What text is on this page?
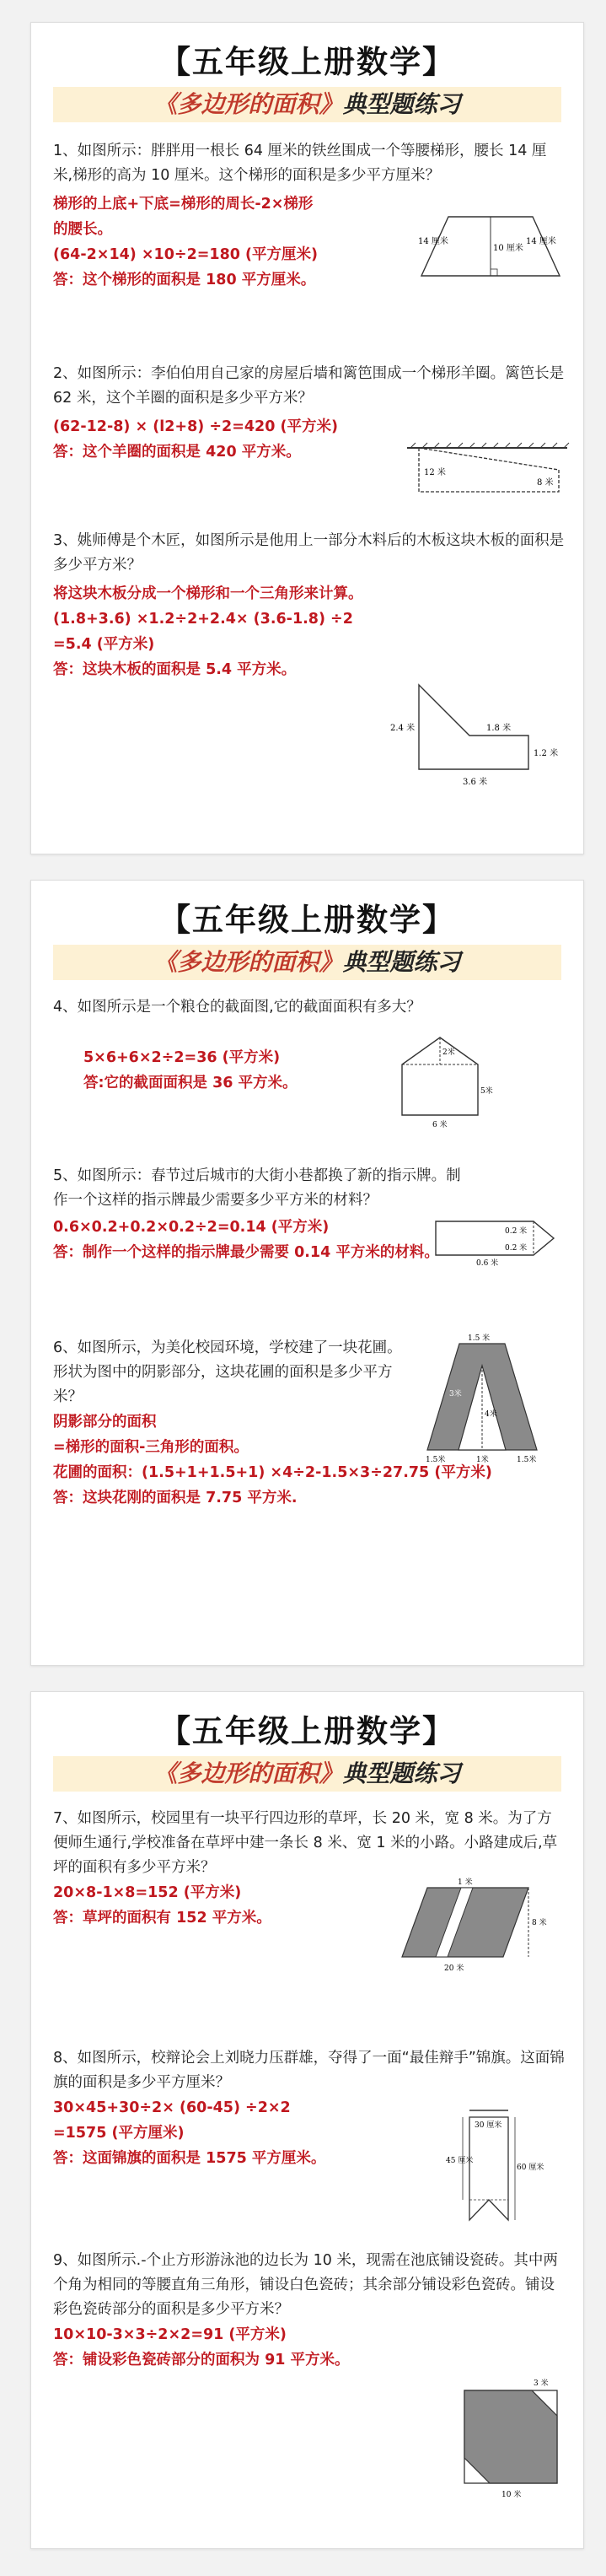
【五年级上册数学】
《多边形的面积》典型题练习

1、如图所示：胖胖用一根长 64 厘米的铁丝围成一个等腰梯形，腰长 14 厘米,梯形的高为 10 厘米。这个梯形的面积是多少平方厘米？

梯形的上底+下底=梯形的周长-2×梯形

的腰长。

(64-2×14) ×10÷2=180 (平方厘米)

答：这个梯形的面积是 180 平方厘米。

14 厘米
10 厘米
14 厘米

2、如图所示：李伯伯用自己家的房屋后墙和篱笆围成一个梯形羊圈。篱笆长是 62 米，这个羊圈的面积是多少平方米？

(62-12-8) × (l2+8) ÷2=420 (平方米)

答：这个羊圈的面积是 420 平方米。

12 米
8 米

3、姚师傅是个木匠，如图所示是他用上一部分木料后的木板这块木板的面积是多少平方米？

将这块木板分成一个梯形和一个三角形来计算。

(1.8+3.6) ×1.2÷2+2.4× (3.6-1.8) ÷2

=5.4 (平方米)

答：这块木板的面积是 5.4 平方米。

2.4 米	1.8 米
1.2 米
3.6 米
【五年级上册数学】
《多边形的面积》典型题练习

4、如图所示是一个粮仓的截面图,它的截面面积有多大？

5×6+6×2÷2=36 (平方米)

答:它的截面面积是 36 平方米。

2米
5米
6 米

5、如图所示：春节过后城市的大街小巷都换了新的指示牌。制作一个这样的指示牌最少需要多少平方米的材料？

0.6×0.2+0.2×0.2÷2=0.14 (平方米)

答：制作一个这样的指示牌最少需要 0.14 平方米的材料。

0.2 米
0.2 米
0.6 米

6、如图所示，为美化校园环境，学校建了一块花圃。形状为图中的阴影部分，这块花圃的面积是多少平方米？

阴影部分的面积

=梯形的面积-三角形的面积。

花圃的面积：(1.5+1+1.5+1) ×4÷2-1.5×3÷27.75 (平方米)

答：这块花刚的面积是 7.75 平方米.

1.5 米
3米
4米
1.5米	1米	1.5米
【五年级上册数学】
《多边形的面积》典型题练习

7、如图所示，校园里有一块平行四边形的草坪，长 20 米，宽 8 米。为了方便师生通行,学校准备在草坪中建一条长 8 米、宽 1 米的小路。小路建成后,草坪的面积有多少平方米？

20×8-1×8=152 (平方米)

答：草坪的面积有 152 平方米。

1 米
8 米
20 米

8、如图所示，校辩论会上刘晓力压群雄，夺得了一面“最佳辩手”锦旗。这面锦旗的面积是多少平方厘米？

30×45+30÷2× (60-45) ÷2×2

=1575 (平方厘米)

答：这面锦旗的面积是 1575 平方厘米。

30 厘米
45 厘米
60 厘米

9、如图所示.-个止方形游泳池的边长为 10 米，现需在池底铺设瓷砖。其中两个角为相同的等腰直角三角形，铺设白色瓷砖；其余部分铺设彩色瓷砖。铺设彩色瓷砖部分的面积是多少平方米？

10×10-3×3÷2×2=91 (平方米)

答：铺设彩色瓷砖部分的面积为 91 平方米。

3 米
10 米
